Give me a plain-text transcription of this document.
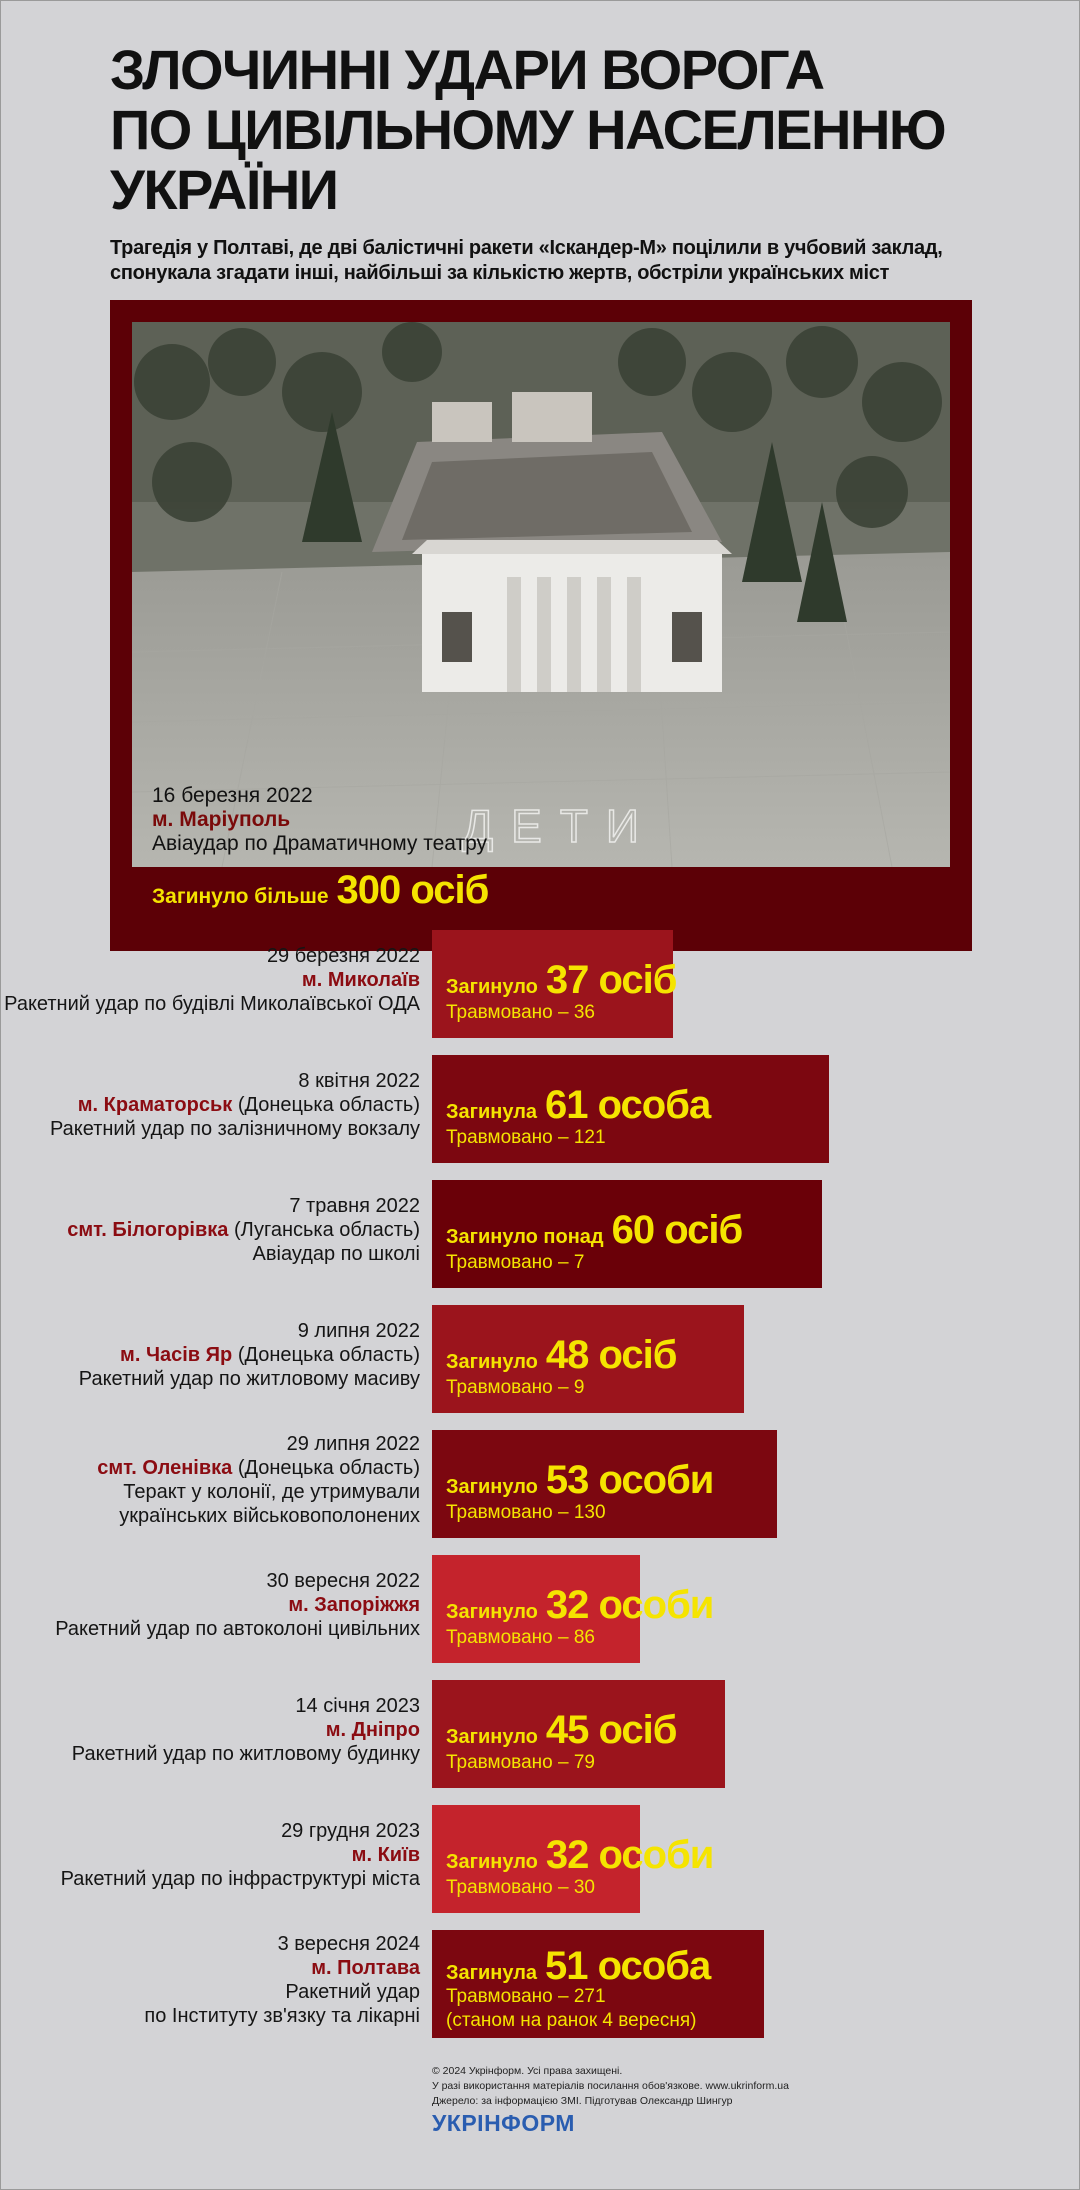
ЗЛОЧИННІ УДАРИ ВОРОГА
ПО ЦИВІЛЬНОМУ НАСЕЛЕННЮ
УКРАЇНИ
Трагедія у Полтаві, де дві балістичні ракети «Іскандер-М» поцілили в учбовий заклад,
спонукала згадати інші, найбільші за кількістю жертв, обстріли українських міст
ДЕТИ
16 березня 2022
м. Маріуполь
Авіаудар по Драматичному театру
Загинуло більше 300 осіб
29 березня 2022
м. Миколаїв
Ракетний удар по будівлі Миколаївської ОДА
Загинуло 37 осіб
Травмовано – 36
8 квітня 2022
м. Краматорськ (Донецька область)
Ракетний удар по залізничному вокзалу
Загинула 61 особа
Травмовано – 121
7 травня 2022
смт. Білогорівка (Луганська область)
Авіаудар по школі
Загинуло понад 60 осіб
Травмовано – 7
9 липня 2022
м. Часів Яр (Донецька область)
Ракетний удар по житловому масиву
Загинуло 48 осіб
Травмовано – 9
29 липня 2022
смт. Оленівка (Донецька область)
Теракт у колонії, де утримували
українських військовополонених
Загинуло 53 особи
Травмовано – 130
30 вересня 2022
м. Запоріжжя
Ракетний удар по автоколоні цивільних
Загинуло 32 особи
Травмовано – 86
14 січня 2023
м. Дніпро
Ракетний удар по житловому будинку
Загинуло 45 осіб
Травмовано – 79
29 грудня 2023
м. Київ
Ракетний удар по інфраструктурі міста
Загинуло 32 особи
Травмовано – 30
3 вересня 2024
м. Полтава
Ракетний удар
по Інституту зв'язку та лікарні
Загинула 51 особа
Травмовано – 271
(станом на ранок 4 вересня)
© 2024 Укрінформ. Усі права захищені.
У разі використання матеріалів посилання обов'язкове. www.ukrinform.ua
Джерело: за інформацією ЗМІ. Підготував Олександр Шингур
УКРІНФОРМ
